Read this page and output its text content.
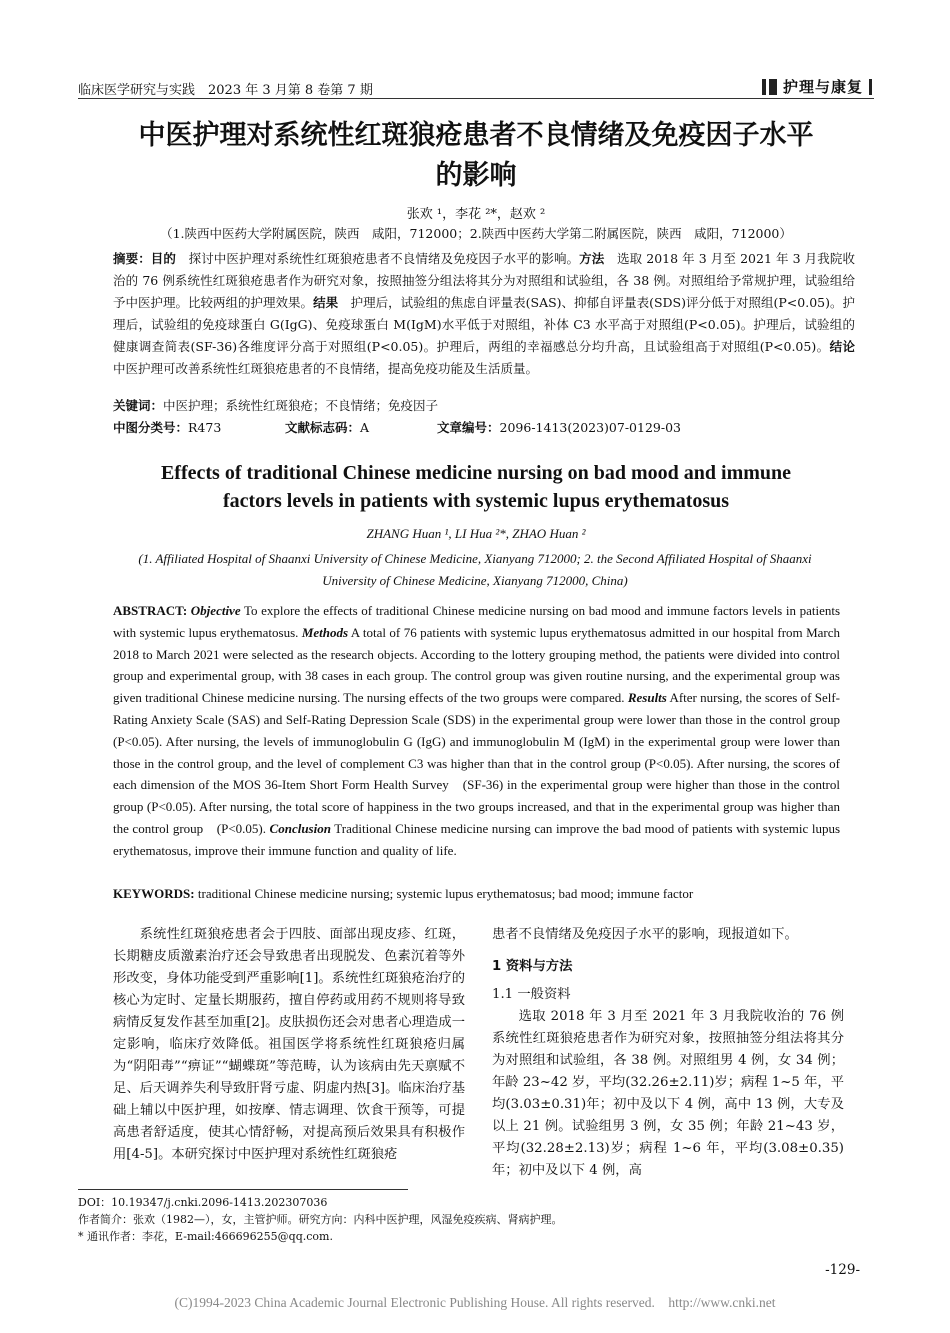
临床医学研究与实践　2023 年 3 月第 8 卷第 7 期	护理与康复
中医护理对系统性红斑狼疮患者不良情绪及免疫因子水平
的影响
张欢 ¹，李花 ²*，赵欢 ²
（1.陕西中医药大学附属医院，陕西　咸阳，712000；2.陕西中医药大学第二附属医院，陕西　咸阳，712000）
摘要：目的　 探讨中医护理对系统性红斑狼疮患者不良情绪及免疫因子水平的影响。方法　 选取 2018 年 3 月至 2021 年 3 月我院收治的 76 例系统性红斑狼疮患者作为研究对象，按照抽签分组法将其分为对照组和试验组，各 38 例。对照组给予常规护理，试验组给予中医护理。比较两组的护理效果。结果　 护理后，试验组的焦虑自评量表(SAS)、抑郁自评量表(SDS)评分低于对照组(P<0.05)。护理后，试验组的免疫球蛋白 G(IgG)、免疫球蛋白 M(IgM)水平低于对照组，补体 C3 水平高于对照组(P<0.05)。护理后，试验组的健康调查简表(SF-36)各维度评分高于对照组(P<0.05)。护理后，两组的幸福感总分均升高，且试验组高于对照组(P<0.05)。结论　中医护理可改善系统性红斑狼疮患者的不良情绪，提高免疫功能及生活质量。
关键词：中医护理；系统性红斑狼疮；不良情绪；免疫因子
中图分类号：R473	文献标志码：A	文章编号：2096-1413(2023)07-0129-03
Effects of traditional Chinese medicine nursing on bad mood and immune
factors levels in patients with systemic lupus erythematosus
ZHANG Huan ¹, LI Hua ²*, ZHAO Huan ²
(1. Affiliated Hospital of Shaanxi University of Chinese Medicine, Xianyang 712000; 2. the Second Affiliated Hospital of Shaanxi University of Chinese Medicine, Xianyang 712000, China)
ABSTRACT: Objective To explore the effects of traditional Chinese medicine nursing on bad mood and immune factors levels in patients with systemic lupus erythematosus. Methods A total of 76 patients with systemic lupus erythematosus admitted in our hospital from March 2018 to March 2021 were selected as the research objects. According to the lottery grouping method, the patients were divided into control group and experimental group, with 38 cases in each group. The control group was given routine nursing, and the experimental group was given traditional Chinese medicine nursing. The nursing effects of the two groups were compared. Results After nursing, the scores of Self-Rating Anxiety Scale (SAS) and Self-Rating Depression Scale (SDS) in the experimental group were lower than those in the control group (P<0.05). After nursing, the levels of immunoglobulin G (IgG) and immunoglobulin M (IgM) in the experimental group were lower than those in the control group, and the level of complement C3 was higher than that in the control group (P<0.05). After nursing, the scores of each dimension of the MOS 36-Item Short Form Health Survey　(SF-36) in the experimental group were higher than those in the control group (P<0.05). After nursing, the total score of happiness in the two groups increased, and that in the experimental group was higher than the control group　(P<0.05). Conclusion Traditional Chinese medicine nursing can improve the bad mood of patients with systemic lupus erythematosus, improve their immune function and quality of life.
KEYWORDS: traditional Chinese medicine nursing; systemic lupus erythematosus; bad mood; immune factor

系统性红斑狼疮患者会于四肢、面部出现皮疹、红斑，长期糖皮质激素治疗还会导致患者出现脱发、色素沉着等外形改变，身体功能受到严重影响[1]。系统性红斑狼疮治疗的核心为定时、定量长期服药，擅自停药或用药不规则将导致病情反复发作甚至加重[2]。皮肤损伤还会对患者心理造成一定影响，临床疗效降低。祖国医学将系统性红斑狼疮归属为“阴阳毒”“痹证”“蝴蝶斑”等范畴，认为该病由先天禀赋不足、后天调养失利导致肝肾亏虚、阴虚内热[3]。临床治疗基础上辅以中医护理，如按摩、情志调理、饮食干预等，可提高患者舒适度，使其心情舒畅，对提高预后效果具有积极作用[4-5]。本研究探讨中医护理对系统性红斑狼疮

患者不良情绪及免疫因子水平的影响，现报道如下。

1 资料与方法

1.1 一般资料

选取 2018 年 3 月至 2021 年 3 月我院收治的 76 例系统性红斑狼疮患者作为研究对象，按照抽签分组法将其分为对照组和试验组，各 38 例。对照组男 4 例，女 34 例；年龄 23~42 岁，平均(32.26±2.11)岁；病程 1~5 年，平均(3.03±0.31)年；初中及以下 4 例，高中 13 例，大专及以上 21 例。试验组男 3 例，女 35 例；年龄 21~43 岁，平均(32.28±2.13)岁；病程 1~6 年，平均(3.08±0.35)年；初中及以下 4 例，高

DOI：10.19347/j.cnki.2096-1413.202307036
作者简介：张欢（1982—），女，主管护师。研究方向：内科中医护理，风湿免疫疾病、肾病护理。
* 通讯作者：李花，E-mail:466696255@qq.com.
-129-
(C)1994-2023 China Academic Journal Electronic Publishing House. All rights reserved.　http://www.cnki.net
